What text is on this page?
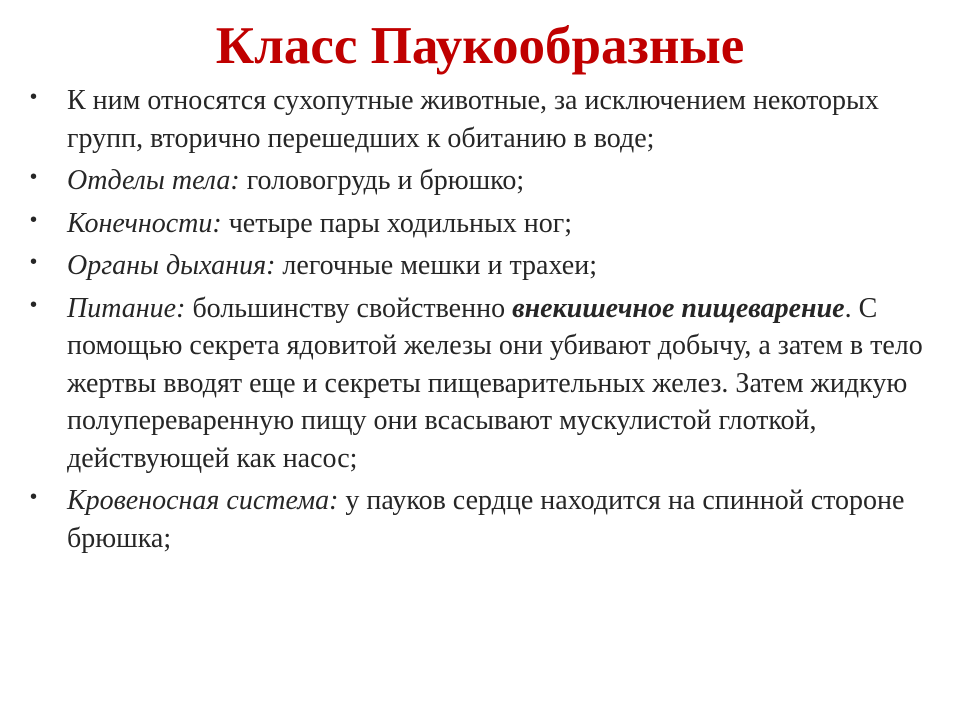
Класс Паукообразные
• К ним относятся сухопутные животные, за исключением некоторых групп, вторично перешедших к обитанию в воде;
• Отделы тела: головогрудь и брюшко;
• Конечности: четыре пары ходильных ног;
• Органы дыхания: легочные мешки и трахеи;
• Питание: большинству свойственно внекишечное пищеварение. С помощью секрета ядовитой железы они убивают добычу, а затем в тело жертвы вводят еще и секреты пищеварительных желез. Затем жидкую полупереваренную пищу они всасывают мускулистой глоткой, действующей как насос;
• Кровеносная система: у пауков сердце находится на спинной стороне брюшка;
